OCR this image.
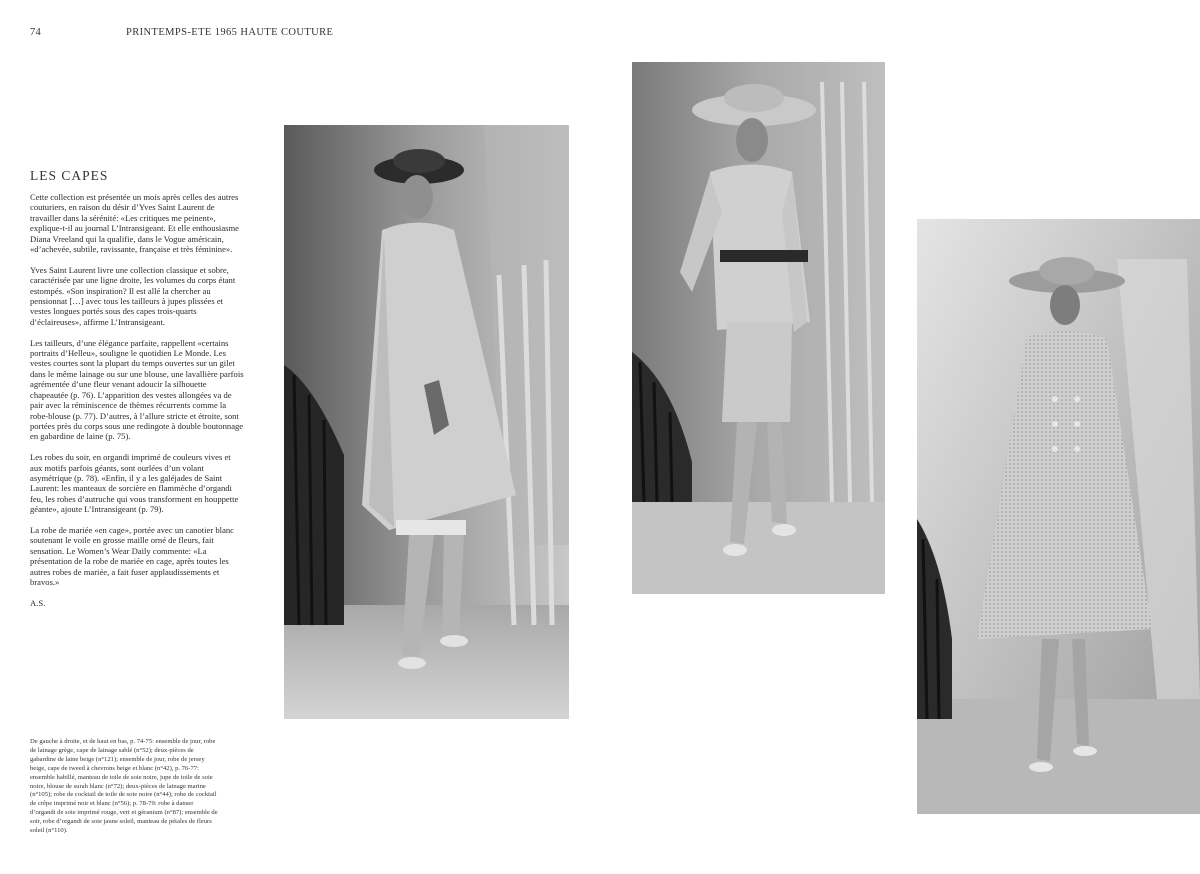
74	PRINTEMPS-ETE 1965 HAUTE COUTURE
LES CAPES

Cette collection est présentée un mois après celles des autres couturiers, en raison du désir d’Yves Saint Laurent de travailler dans la sérénité: «Les critiques me peinent», explique-t-il au journal L’Intransigeant. Et elle enthousiasme Diana Vreeland qui la qualifie, dans le Vogue américain, «d’achevée, subtile, ravissante, française et très féminine».

Yves Saint Laurent livre une collection classique et sobre, caractérisée par une ligne droite, les volumes du corps étant estompés. «Son inspiration? Il est allé la chercher au pensionnat […] avec tous les tailleurs à jupes plissées et vestes longues portés sous des capes trois-quarts d’éclaireuses», affirme L’Intransigeant.

Les tailleurs, d’une élégance parfaite, rappellent «certains portraits d’Helleu», souligne le quotidien Le Monde. Les vestes courtes sont la plupart du temps ouvertes sur un gilet dans le même lainage ou sur une blouse, une lavallière parfois agrémentée d’une fleur venant adoucir la silhouette chapeautée (p. 76). L’apparition des vestes allongées va de pair avec la réminiscence de thèmes récurrents comme la robe-blouse (p. 77). D’autres, à l’allure stricte et étroite, sont portées près du corps sous une redingote à double boutonnage en gabardine de laine (p. 75).

Les robes du soir, en organdi imprimé de couleurs vives et aux motifs parfois géants, sont ourlées d’un volant asymétrique (p. 78). «Enfin, il y a les galéjades de Saint Laurent: les manteaux de sorcière en flammèche d’organdi feu, les robes d’autruche qui vous transforment en houppette géante», ajoute L’Intransigeant (p. 79).

La robe de mariée «en cage», portée avec un canotier blanc soutenant le voile en grosse maille orné de fleurs, fait sensation. Le Women’s Wear Daily commente: «La présentation de la robe de mariée en cage, après toutes les autres robes de mariée, a fait fuser applaudissements et bravos.»

A.S.

De gauche à droite, et de haut en bas, p. 74-75: ensemble de jour, robe de lainage grège, cape de lainage sablé (n°52); deux-pièces de gabardine de laine beige (n°121); ensemble de jour, robe de jersey beige, cape de tweed à chevrons beige et blanc (n°42), p. 76-77: ensemble habillé, manteau de toile de soie noire, jupe de toile de soie noire, blouse de surah blanc (n°72); deux-pièces de lainage marine (n°105); robe de cocktail de toile de soie noire (n°44); robe de cocktail de crêpe imprimé noir et blanc (n°56); p. 78-79: robe à danser d’organdi de soie imprimé rouge, vert et géranium (n°87); ensemble de soir, robe d’organdi de soie jaune soleil, manteau de pétales de fleurs soleil (n°110).
